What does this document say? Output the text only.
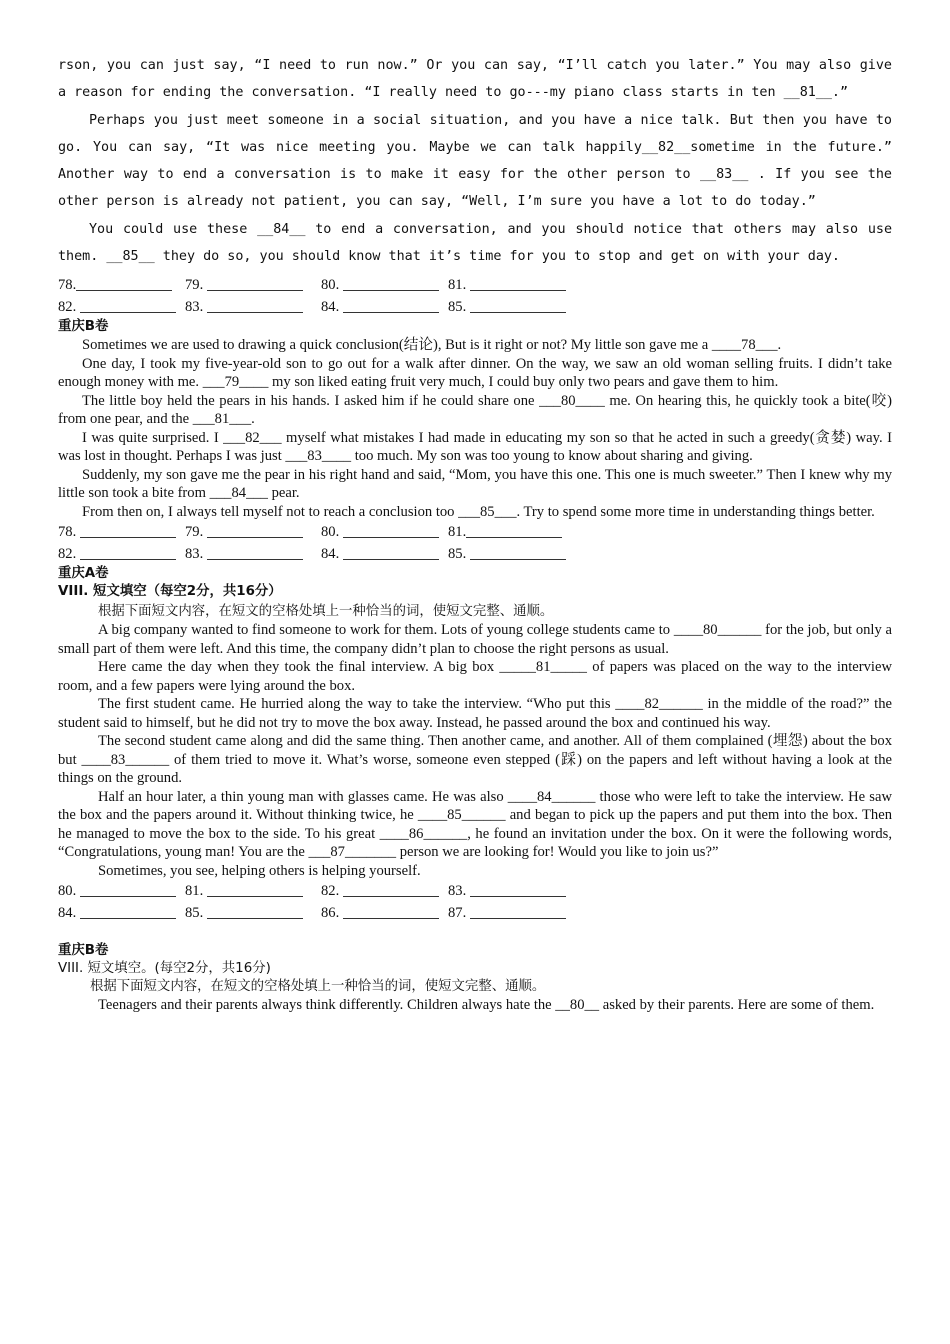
rson, you can just say, “I need to run now.” Or you can say, “I’ll catch you later.” You may also give a reason for ending the conversation. “I really need to go---my piano class starts in ten __81__.”

Perhaps you just meet someone in a social situation, and you have a nice talk. But then you have to go. You can say, “It was nice meeting you. Maybe we can talk happily__82__sometime in the future.” Another way to end a conversation is to make it easy for the other person to __83__ . If you see the other person is already not patient, you can say, “Well, I’m sure you have a lot to do today.”

You could use these __84__ to end a conversation, and you should notice that others may also use them. __85__ they do so, you should know that it’s time for you to stop and get on with your day.

78.	79.	80.	81.
82.	83.	84.	85.
重庆B卷

Sometimes we are used to drawing a quick conclusion(结论), But is it right or not? My little son gave me a ____78___.

One day, I took my five-year-old son to go out for a walk after dinner. On the way, we saw an old woman selling fruits. I didn’t take enough money with me. ___79____ my son liked eating fruit very much, I could buy only two pears and gave them to him.

The little boy held the pears in his hands. I asked him if he could share one ___80____ me. On hearing this, he quickly took a bite(咬) from one pear, and the ___81___.

I was quite surprised. I ___82___ myself what mistakes I had made in educating my son so that he acted in such a greedy(贪婪) way. I was lost in thought. Perhaps I was just ___83____ too much. My son was too young to know about sharing and giving.

Suddenly, my son gave me the pear in his right hand and said, “Mom, you have this one. This one is much sweeter.” Then I knew why my little son took a bite from ___84___ pear.

From then on, I always tell myself not to reach a conclusion too ___85___. Try to spend some more time in understanding things better.

78.	79.	80.	81.
82.	83.	84.	85.
重庆A卷
VIII. 短文填空（每空2分，共16分）
根据下面短文内容，在短文的空格处填上一种恰当的词，使短文完整、通顺。

A big company wanted to find someone to work for them. Lots of young college students came to ____80______ for the job, but only a small part of them were left. And this time, the company didn’t plan to choose the right persons as usual.

Here came the day when they took the final interview. A big box _____81_____ of papers was placed on the way to the interview room, and a few papers were lying around the box.

The first student came. He hurried along the way to take the interview. “Who put this ____82______ in the middle of the road?” the student said to himself, but he did not try to move the box away. Instead, he passed around the box and continued his way.

The second student came along and did the same thing. Then another came, and another. All of them complained (埋怨) about the box but ____83______ of them tried to move it. What’s worse, someone even stepped (踩) on the papers and left without having a look at the things on the ground.

Half an hour later, a thin young man with glasses came. He was also ____84______ those who were left to take the interview. He saw the box and the papers around it. Without thinking twice, he ____85______ and began to pick up the papers and put them into the box. Then he managed to move the box to the side. To his great ____86______, he found an invitation under the box. On it were the following words, “Congratulations, young man! You are the ___87_______ person we are looking for! Would you like to join us?”

Sometimes, you see, helping others is helping yourself.

80.	81.	82.	83.
84.	85.	86.	87.
重庆B卷
VIII. 短文填空。(每空2分，共16分)
根据下面短文内容，在短文的空格处填上一种恰当的词，使短文完整、通顺。

Teenagers and their parents always think differently. Children always hate the __80__ asked by their parents. Here are some of them.
